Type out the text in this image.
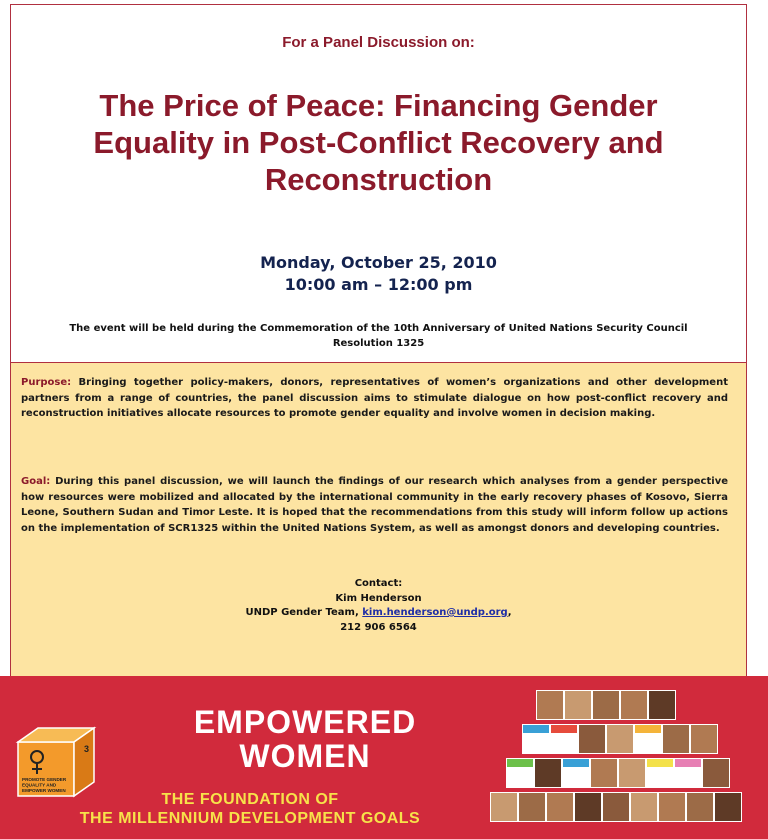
For a Panel Discussion on:
The Price of Peace: Financing Gender
Equality in Post-Conflict Recovery and
Reconstruction
Monday, October 25, 2010
10:00 am – 12:00 pm
The event will be held during the Commemoration of the 10th Anniversary of United Nations Security Council
Resolution 1325

Purpose: Bringing together policy-makers, donors, representatives of women’s organizations and other development partners from a range of countries, the panel discussion aims to stimulate dialogue on how post-conflict recovery and reconstruction initiatives allocate resources to promote gender equality and involve women in decision making.

Goal: During this panel discussion, we will launch the findings of our research which analyses from a gender perspective how resources were mobilized and allocated by the international community in the early recovery phases of Kosovo, Sierra Leone, Southern Sudan and Timor Leste. It is hoped that the recommendations from this study will inform follow up actions on the implementation of SCR1325 within the United Nations System, as well as amongst donors and developing countries.

Contact:
Kim Henderson
UNDP Gender Team, kim.henderson@undp.org,
212 906 6564
3
PROMOTE GENDER
EQUALITY AND
EMPOWER WOMEN
EMPOWERED
WOMEN
THE FOUNDATION OF
THE MILLENNIUM DEVELOPMENT GOALS
